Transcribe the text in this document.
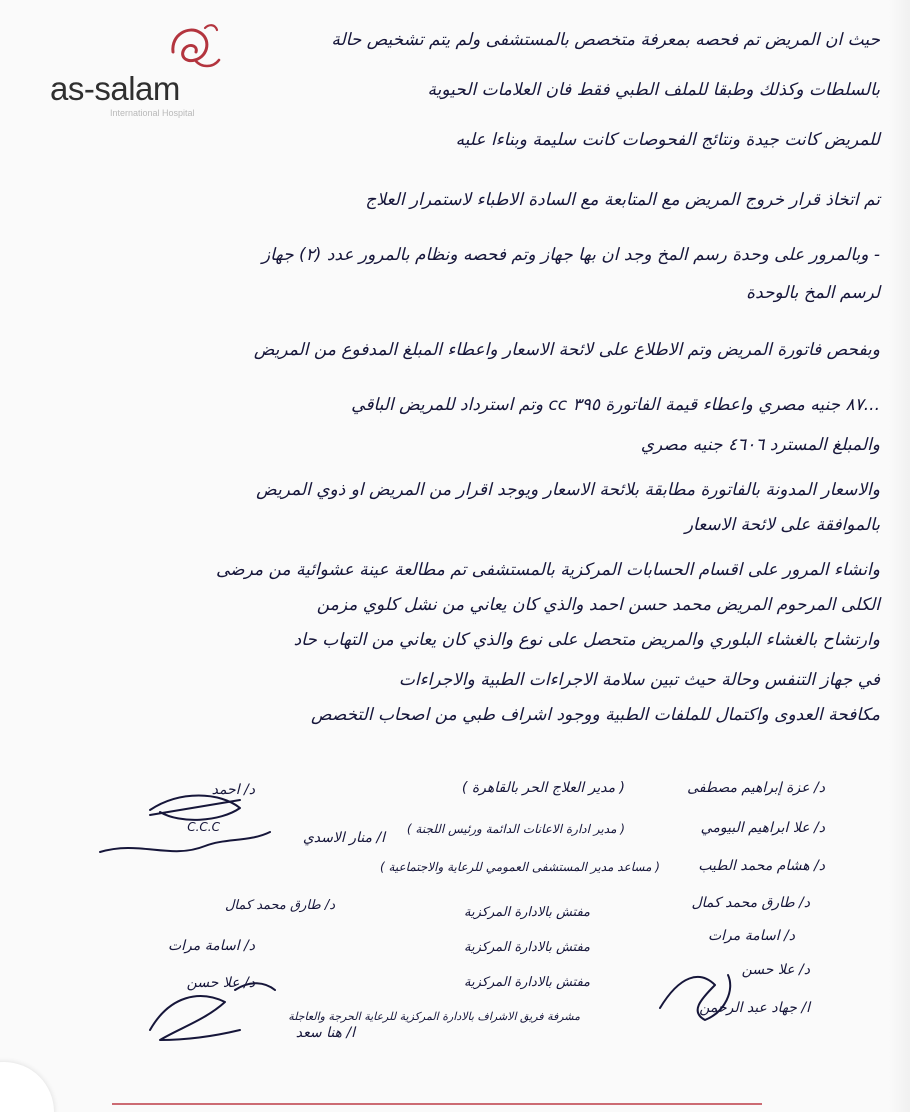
as-salam
International Hospital
حيث ان المريض تم فحصه بمعرفة متخصص بالمستشفى ولم يتم تشخيص حالة
بالسلطات وكذلك وطبقا للملف الطبي فقط فان العلامات الحيوية
للمريض كانت جيدة ونتائج الفحوصات كانت سليمة وبناءا عليه
تم اتخاذ قرار خروج المريض مع المتابعة مع السادة الاطباء لاستمرار العلاج
- وبالمرور على وحدة رسم المخ وجد ان بها جهاز وتم فحصه ونظام بالمرور عدد (٢) جهاز
لرسم المخ بالوحدة
وبفحص فاتورة المريض وتم الاطلاع على لائحة الاسعار واعطاء المبلغ المدفوع من المريض
...٨٧ جنيه مصري واعطاء قيمة الفاتورة ٣٩٥ cc وتم استرداد للمريض الباقي
والمبلغ المسترد ٤٦٠٦ جنيه مصري
والاسعار المدونة بالفاتورة مطابقة بلائحة الاسعار ويوجد اقرار من المريض او ذوي المريض
بالموافقة على لائحة الاسعار
وانشاء المرور على اقسام الحسابات المركزية بالمستشفى تم مطالعة عينة عشوائية من مرضى
الكلى المرحوم المريض محمد حسن احمد والذي كان يعاني من نشل كلوي مزمن
وارتشاح بالغشاء البلوري والمريض متحصل على نوع والذي كان يعاني من التهاب حاد
في جهاز التنفس وحالة حيث تبين سلامة الاجراءات الطبية والاجراءات
مكافحة العدوى واكتمال للملفات الطبية ووجود اشراف طبي من اصحاب التخصص
د/ عزة إبراهيم مصطفى
( مدير العلاج الحر بالقاهرة )
د/ احمد
C.C.C	د/ علا ابراهيم البيومي
( مدير ادارة الاعانات الدائمة ورئيس اللجنة )
ا/ منار الاسدي
د/ هشام محمد الطيب
( مساعد مدير المستشفى العمومي للرعاية والاجتماعية )
د/ طارق محمد كمال
مفتش بالادارة المركزية
د/ طارق محمد كمال
د/ اسامة مرات
مفتش بالادارة المركزية
د/ اسامة مرات
د/ علا حسن
مفتش بالادارة المركزية
د/ علا حسن
ا/ جهاد عبد الرحمن
مشرفة فريق الاشراف بالادارة المركزية للرعاية الحرجة والعاجلة
ا/ هنا سعد
